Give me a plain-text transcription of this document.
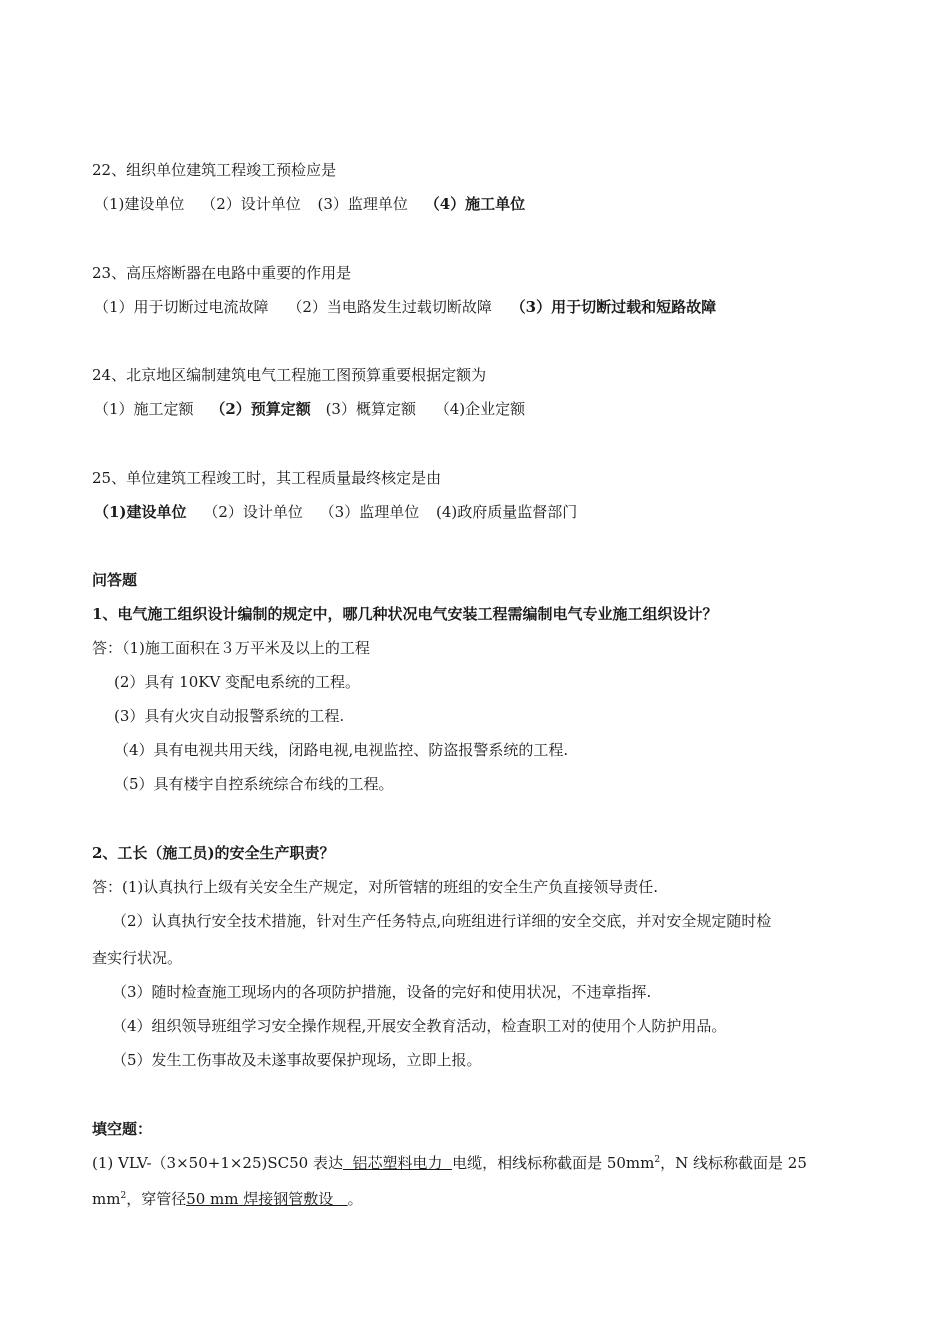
22、组织单位建筑工程竣工预检应是
（1)建设单位 （2）设计单位 (3）监理单位 （4）施工单位
23、高压熔断器在电路中重要的作用是
（1）用于切断过电流故障 （2）当电路发生过载切断故障 （3）用于切断过载和短路故障
24、北京地区编制建筑电气工程施工图预算重要根据定额为
（1）施工定额 （2）预算定额 (3）概算定额 （4)企业定额
25、单位建筑工程竣工时，其工程质量最终核定是由
（1)建设单位 （2）设计单位 （3）监理单位 (4)政府质量监督部门
问答题
1、电气施工组织设计编制的规定中，哪几种状况电气安装工程需编制电气专业施工组织设计？
答：（1)施工面积在３万平米及以上的工程
(2）具有 10KV 变配电系统的工程。
(3）具有火灾自动报警系统的工程.
（4）具有电视共用天线，闭路电视,电视监控、防盗报警系统的工程.
（5）具有楼宇自控系统综合布线的工程。
2、工长（施工员)的安全生产职责？
答：(1)认真执行上级有关安全生产规定，对所管辖的班组的安全生产负直接领导责任.
（2）认真执行安全技术措施，针对生产任务特点,向班组进行详细的安全交底，并对安全规定随时检
查实行状况。
（3）随时检查施工现场内的各项防护措施，设备的完好和使用状况，不违章指挥.
（4）组织领导班组学习安全操作规程,开展安全教育活动，检查职工对的使用个人防护用品。
（5）发生工伤事故及未遂事故要保护现场，立即上报。
填空题：
(1) VLV-（3×50+1×25)SC50 表达  铝芯塑料电力  电缆，相线标称截面是 $50mm^2$，N 线标称截面是 25
$mm^2$，穿管径50 mm 焊接钢管敷设   。
